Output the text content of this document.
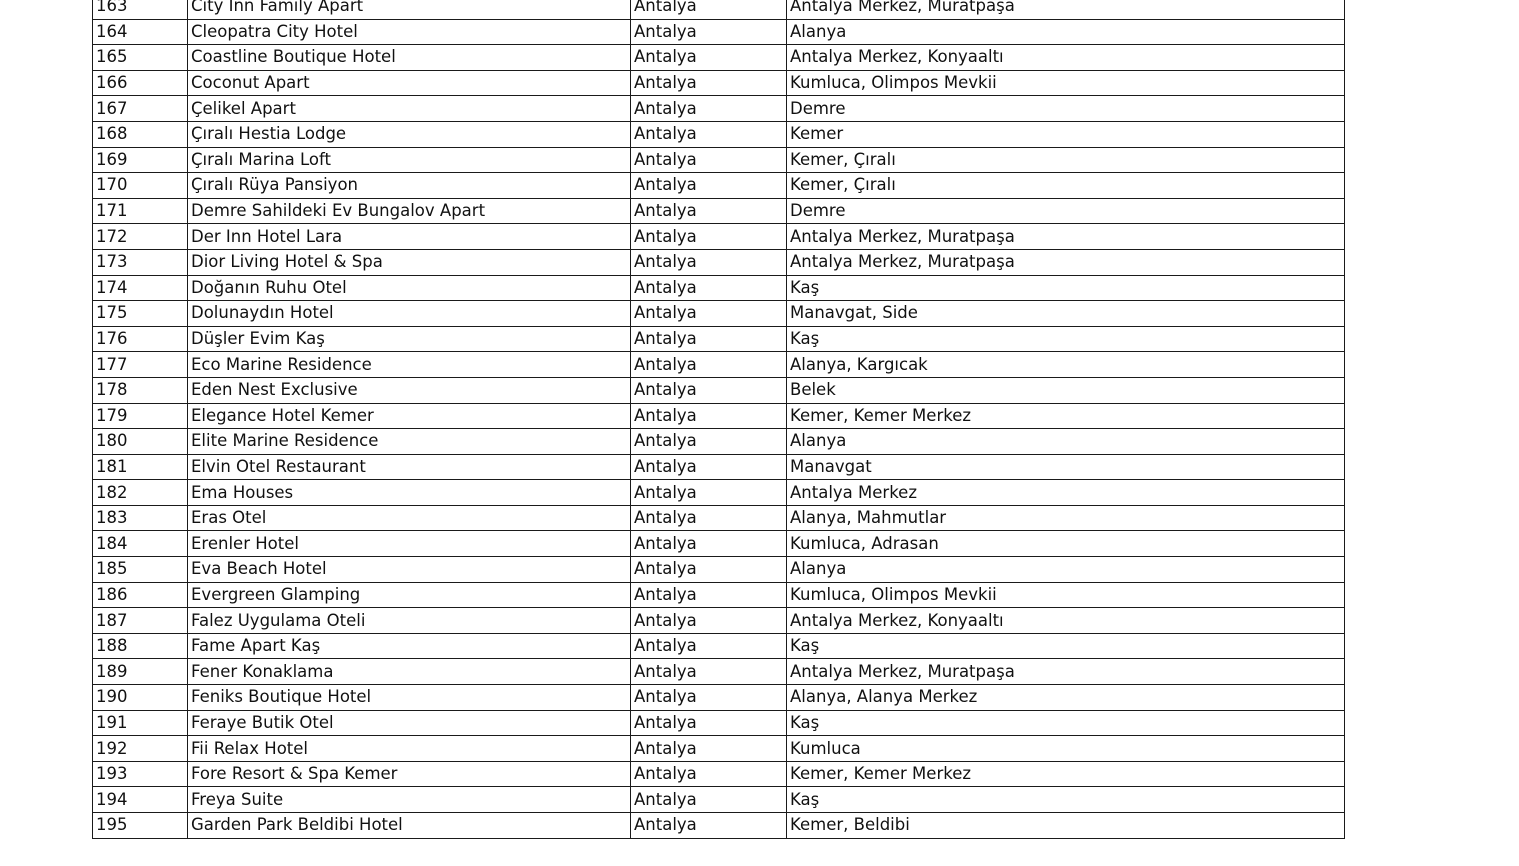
163	City Inn Family Apart	Antalya	Antalya Merkez, Muratpaşa
164	Cleopatra City Hotel	Antalya	Alanya
165	Coastline Boutique Hotel	Antalya	Antalya Merkez, Konyaaltı
166	Coconut Apart	Antalya	Kumluca, Olimpos Mevkii
167	Çelikel Apart	Antalya	Demre
168	Çıralı Hestia Lodge	Antalya	Kemer
169	Çıralı Marina Loft	Antalya	Kemer, Çıralı
170	Çıralı Rüya Pansiyon	Antalya	Kemer, Çıralı
171	Demre Sahildeki Ev Bungalov Apart	Antalya	Demre
172	Der Inn Hotel Lara	Antalya	Antalya Merkez, Muratpaşa
173	Dior Living Hotel & Spa	Antalya	Antalya Merkez, Muratpaşa
174	Doğanın Ruhu Otel	Antalya	Kaş
175	Dolunaydın Hotel	Antalya	Manavgat, Side
176	Düşler Evim Kaş	Antalya	Kaş
177	Eco Marine Residence	Antalya	Alanya, Kargıcak
178	Eden Nest Exclusive	Antalya	Belek
179	Elegance Hotel Kemer	Antalya	Kemer, Kemer Merkez
180	Elite Marine Residence	Antalya	Alanya
181	Elvin Otel Restaurant	Antalya	Manavgat
182	Ema Houses	Antalya	Antalya Merkez
183	Eras Otel	Antalya	Alanya, Mahmutlar
184	Erenler Hotel	Antalya	Kumluca, Adrasan
185	Eva Beach Hotel	Antalya	Alanya
186	Evergreen Glamping	Antalya	Kumluca, Olimpos Mevkii
187	Falez Uygulama Oteli	Antalya	Antalya Merkez, Konyaaltı
188	Fame Apart Kaş	Antalya	Kaş
189	Fener Konaklama	Antalya	Antalya Merkez, Muratpaşa
190	Feniks Boutique Hotel	Antalya	Alanya, Alanya Merkez
191	Feraye Butik Otel	Antalya	Kaş
192	Fii Relax Hotel	Antalya	Kumluca
193	Fore Resort & Spa Kemer	Antalya	Kemer, Kemer Merkez
194	Freya Suite	Antalya	Kaş
195	Garden Park Beldibi Hotel	Antalya	Kemer, Beldibi
